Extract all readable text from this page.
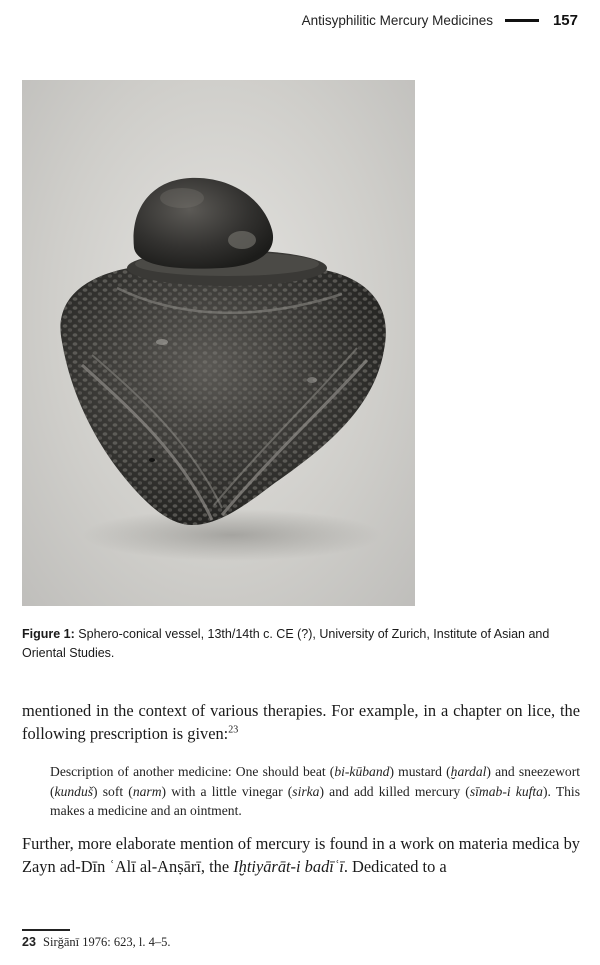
Antisyphilitic Mercury Medicines	157
Figure 1: Sphero-conical vessel, 13th/14th c. CE (?), University of Zurich, Institute of Asian and Oriental Studies.

mentioned in the context of various therapies. For example, in a chapter on lice, the following prescription is given:$^{23}$

Description of another medicine: One should beat (bi-kūband) mustard (ḫardal) and sneezewort (kunduš) soft (narm) with a little vinegar (sirka) and add killed mercury (sīmab-i kufta). This makes a medicine and an ointment.

Further, more elaborate mention of mercury is found in a work on materia medica by Zayn ad-Dīn ʿAlī al-Anṣārī, the Iḫtiyārāt-i badīʿī. Dedicated to a

23 Sirǧānī 1976: 623, l. 4–5.
